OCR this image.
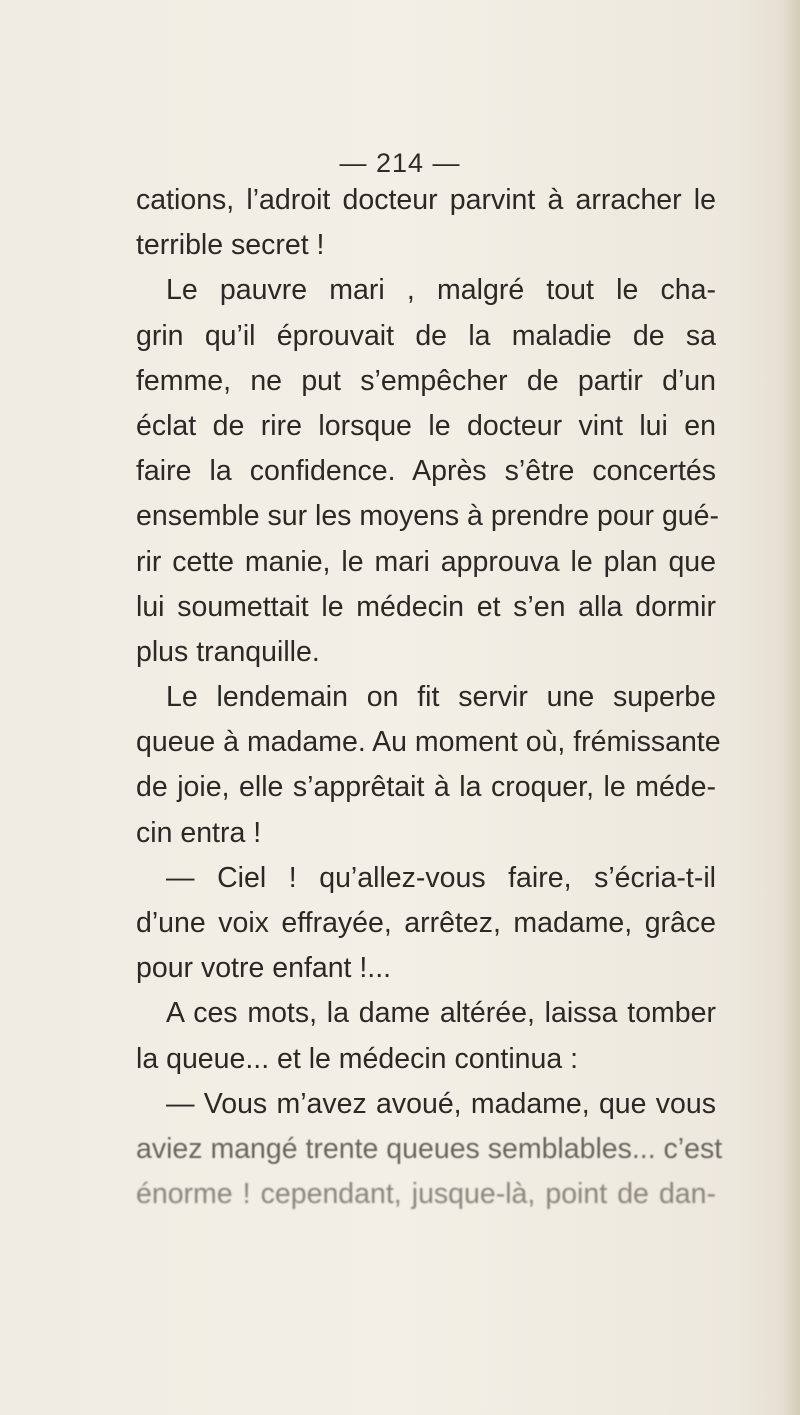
— 214 —
cations, l’adroit docteur parvint à arracher le
terrible secret !
Le pauvre mari , malgré tout le cha-
grin qu’il éprouvait de la maladie de sa
femme, ne put s’empêcher de partir d’un
éclat de rire lorsque le docteur vint lui en
faire la confidence. Après s’être concertés
ensemble sur les moyens à prendre pour gué-
rir cette manie, le mari approuva le plan que
lui soumettait le médecin et s’en alla dormir
plus tranquille.
Le lendemain on fit servir une superbe
queue à madame. Au moment où, frémissante
de joie, elle s’apprêtait à la croquer, le méde-
cin entra !
— Ciel ! qu’allez-vous faire, s’écria-t-il
d’une voix effrayée, arrêtez, madame, grâce
pour votre enfant !...
A ces mots, la dame altérée, laissa tomber
la queue... et le médecin continua :
— Vous m’avez avoué, madame, que vous
aviez mangé trente queues semblables... c’est
énorme ! cependant, jusque-là, point de dan-
